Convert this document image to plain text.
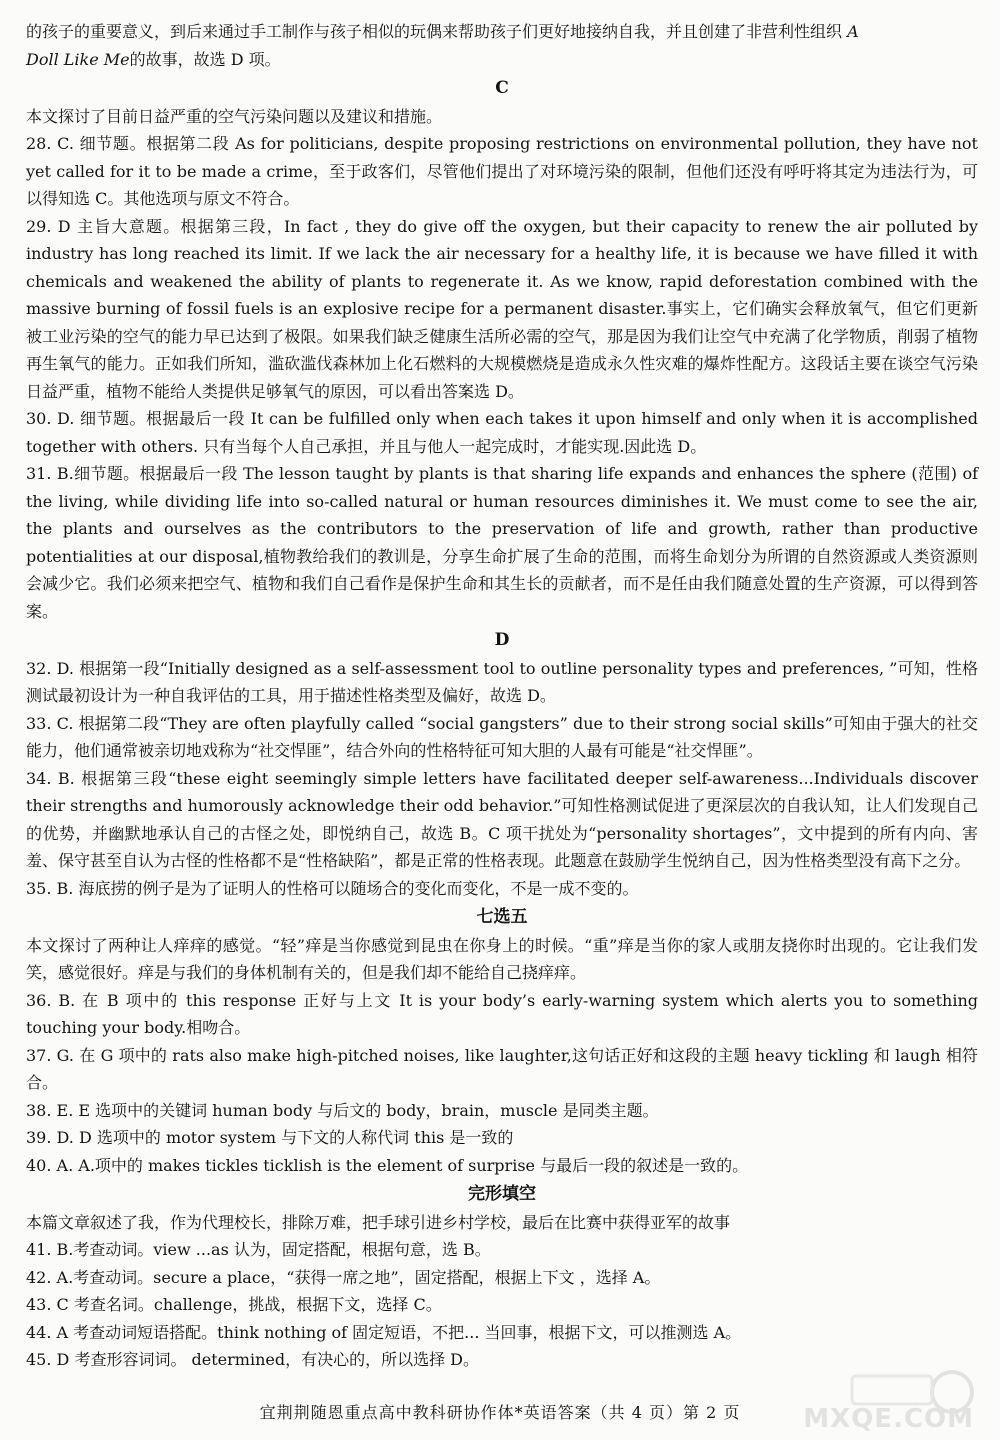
的孩子的重要意义，到后来通过手工制作与孩子相似的玩偶来帮助孩子们更好地接纳自我，并且创建了非营利性组织 A
Doll Like Me的故事，故选 D 项。

C

本文探讨了目前日益严重的空气污染问题以及建议和措施。

28. C. 细节题。根据第二段 As for politicians, despite proposing restrictions on environmental pollution, they have not yet called for it to be made a crime，至于政客们，尽管他们提出了对环境污染的限制，但他们还没有呼吁将其定为违法行为，可以得知选 C。其他选项与原文不符合。

29. D 主旨大意题。根据第三段，In fact , they do give off the oxygen, but their capacity to renew the air polluted by industry has long reached its limit. If we lack the air necessary for a healthy life, it is because we have filled it with chemicals and weakened the ability of plants to regenerate it. As we know, rapid deforestation combined with the massive burning of fossil fuels is an explosive recipe for a permanent disaster.事实上，它们确实会释放氧气，但它们更新被工业污染的空气的能力早已达到了极限。如果我们缺乏健康生活所必需的空气，那是因为我们让空气中充满了化学物质，削弱了植物再生氧气的能力。正如我们所知，滥砍滥伐森林加上化石燃料的大规模燃烧是造成永久性灾难的爆炸性配方。这段话主要在谈空气污染日益严重，植物不能给人类提供足够氧气的原因，可以看出答案选 D。

30. D. 细节题。根据最后一段 It can be fulfilled only when each takes it upon himself and only when it is accomplished together with others. 只有当每个人自己承担，并且与他人一起完成时，才能实现.因此选 D。

31. B.细节题。根据最后一段 The lesson taught by plants is that sharing life expands and enhances the sphere (范围) of the living, while dividing life into so-called natural or human resources diminishes it. We must come to see the air, the plants and ourselves as the contributors to the preservation of life and growth, rather than productive potentialities at our disposal,植物教给我们的教训是，分享生命扩展了生命的范围，而将生命划分为所谓的自然资源或人类资源则会减少它。我们必须来把空气、植物和我们自己看作是保护生命和其生长的贡献者，而不是任由我们随意处置的生产资源，可以得到答案。

D

32. D. 根据第一段“Initially designed as a self-assessment tool to outline personality types and preferences, ”可知，性格测试最初设计为一种自我评估的工具，用于描述性格类型及偏好，故选 D。

33. C. 根据第二段“They are often playfully called “social gangsters” due to their strong social skills”可知由于强大的社交能力，他们通常被亲切地戏称为“社交悍匪”，结合外向的性格特征可知大胆的人最有可能是“社交悍匪”。

34. B. 根据第三段“these eight seemingly simple letters have facilitated deeper self-awareness...Individuals discover their strengths and humorously acknowledge their odd behavior.”可知性格测试促进了更深层次的自我认知，让人们发现自己的优势，并幽默地承认自己的古怪之处，即悦纳自己，故选 B。C 项干扰处为“personality shortages”，文中提到的所有内向、害羞、保守甚至自认为古怪的性格都不是“性格缺陷”，都是正常的性格表现。此题意在鼓励学生悦纳自己，因为性格类型没有高下之分。

35. B. 海底捞的例子是为了证明人的性格可以随场合的变化而变化，不是一成不变的。

七选五

本文探讨了两种让人痒痒的感觉。“轻”痒是当你感觉到昆虫在你身上的时候。“重”痒是当你的家人或朋友挠你时出现的。它让我们发笑，感觉很好。痒是与我们的身体机制有关的，但是我们却不能给自己挠痒痒。

36. B. 在 B 项中的 this response 正好与上文 It is your body’s early-warning system which alerts you to something touching your body.相吻合。

37. G. 在 G 项中的 rats also make high-pitched noises, like laughter,这句话正好和这段的主题 heavy tickling 和 laugh 相符合。

38. E. E 选项中的关键词 human body 与后文的 body，brain，muscle 是同类主题。

39. D. D 选项中的 motor system 与下文的人称代词 this 是一致的

40. A. A.项中的 makes tickles ticklish is the element of surprise 与最后一段的叙述是一致的。

完形填空

本篇文章叙述了我，作为代理校长，排除万难，把手球引进乡村学校，最后在比赛中获得亚军的故事

41. B.考查动词。view ...as 认为，固定搭配，根据句意，选 B。

42. A.考查动词。secure a place，“获得一席之地”，固定搭配，根据上下文 ，选择 A。

43. C 考查名词。challenge，挑战，根据下文，选择 C。

44. A 考查动词短语搭配。think nothing of 固定短语，不把... 当回事，根据下文，可以推测选 A。

45. D 考查形容词词。 determined，有决心的，所以选择 D。

宜荆荆随恩重点高中教科研协作体*英语答案（共 4 页）第 2 页	MXQE.COM
